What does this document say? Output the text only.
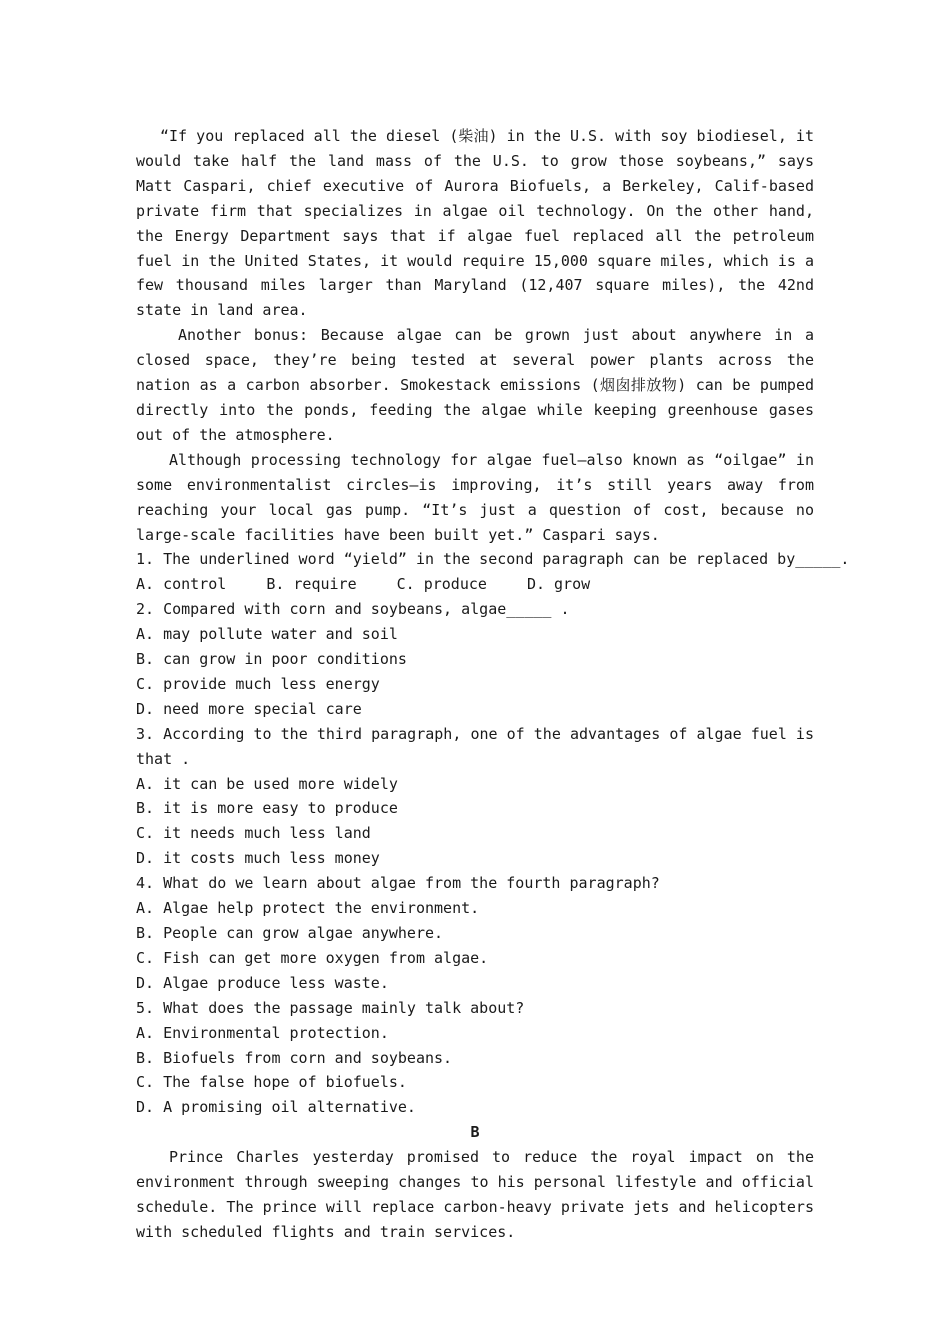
“If you replaced all the diesel (柴油) in the U.S. with soy biodiesel, it would take half the land mass of the U.S. to grow those soybeans,” says Matt Caspari, chief executive of Aurora Biofuels, a Berkeley, Calif-based private firm that specializes in algae oil technology. On the other hand, the Energy Department says that if algae fuel replaced all the petroleum fuel in the United States, it would require 15,000 square miles, which is a few thousand miles larger than Maryland (12,407 square miles), the 42nd state in land area.

Another bonus: Because algae can be grown just about anywhere in a closed space, they’re being tested at several power plants across the nation as a carbon absorber. Smokestack emissions (烟囱排放物) can be pumped directly into the ponds, feeding the algae while keeping greenhouse gases out of the atmosphere.

Although processing technology for algae fuel—also known as “oilgae” in some environmentalist circles—is improving, it’s still years away from reaching your local gas pump. “It’s just a question of cost, because no large-scale facilities have been built yet.” Caspari says.

1. The underlined word “yield” in the second paragraph can be replaced by_____.

A. control	B. require	C. produce	D. grow

2. Compared with corn and soybeans, algae_____ .

A. may pollute water and soil

B. can grow in poor conditions

C. provide much less energy

D. need more special care

3. According to the third paragraph, one of the advantages of algae fuel is that .

A. it can be used more widely

B. it is more easy to produce

C. it needs much less land

D. it costs much less money

4. What do we learn about algae from the fourth paragraph?

A. Algae help protect the environment.

B. People can grow algae anywhere.

C. Fish can get more oxygen from algae.

D. Algae produce less waste.

5. What does the passage mainly talk about?

A. Environmental protection.

B. Biofuels from corn and soybeans.

C. The false hope of biofuels.

D. A promising oil alternative.

B

Prince Charles yesterday promised to reduce the royal impact on the environment through sweeping changes to his personal lifestyle and official schedule. The prince will replace carbon-heavy private jets and helicopters with scheduled flights and train services.
